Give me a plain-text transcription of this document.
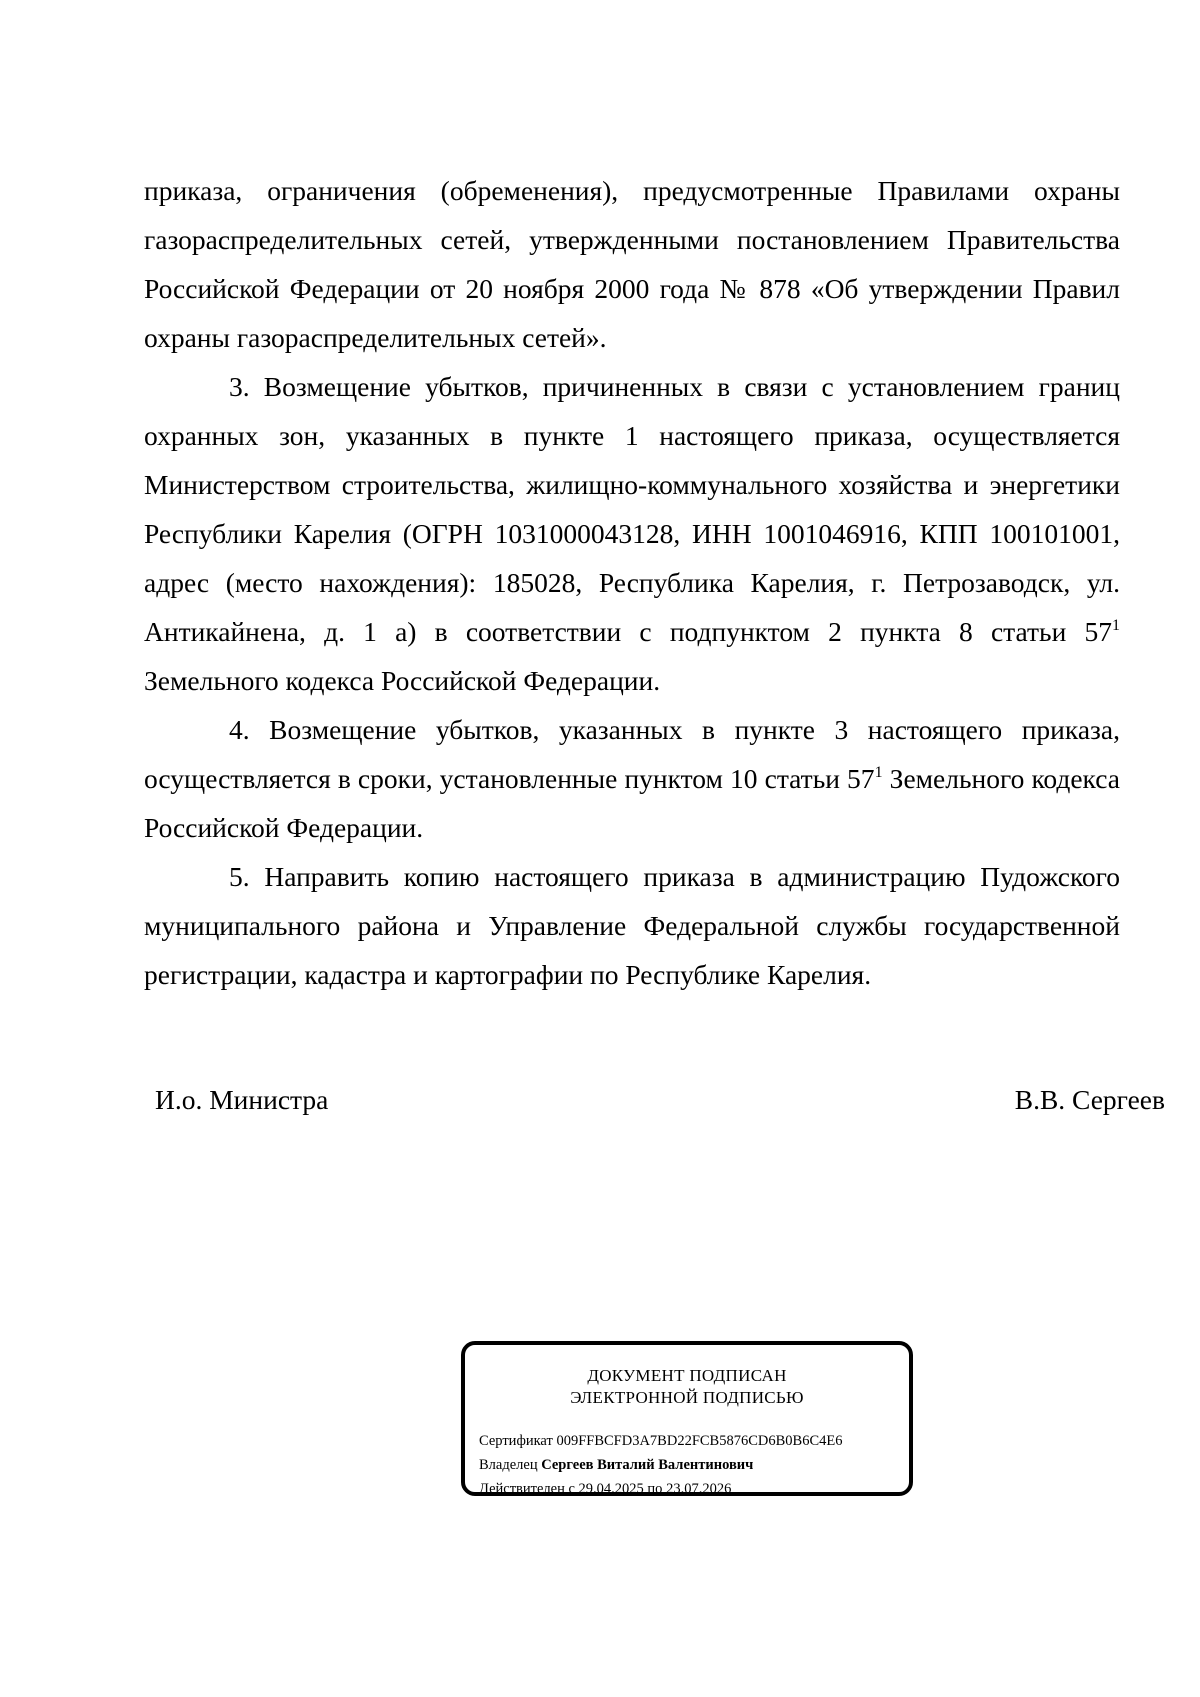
приказа, ограничения (обременения), предусмотренные Правилами охраны газораспределительных сетей, утвержденными постановлением Правительства Российской Федерации от 20 ноября 2000 года № 878 «Об утверждении Правил охраны газораспределительных сетей».

3. Возмещение убытков, причиненных в связи с установлением границ охранных зон, указанных в пункте 1 настоящего приказа, осуществляется Министерством строительства, жилищно-коммунального хозяйства и энергетики Республики Карелия (ОГРН 1031000043128, ИНН 1001046916, КПП 100101001, адрес (место нахождения): 185028, Республика Карелия, г. Петрозаводск, ул. Антикайнена, д. 1 а) в соответствии с подпунктом 2 пункта 8 статьи $57^1$ Земельного кодекса Российской Федерации.

4. Возмещение убытков, указанных в пункте 3 настоящего приказа, осуществляется в сроки, установленные пунктом 10 статьи $57^1$ Земельного кодекса Российской Федерации.

5. Направить копию настоящего приказа в администрацию Пудожского муниципального района и Управление Федеральной службы государственной регистрации, кадастра и картографии по Республике Карелия.

И.о. Министра	В.В. Сергеев
ДОКУМЕНТ ПОДПИСАН
ЭЛЕКТРОННОЙ ПОДПИСЬЮ
Сертификат 009FFBCFD3A7BD22FCB5876CD6B0B6C4E6
Владелец Сергеев Виталий Валентинович
Действителен с 29.04.2025 по 23.07.2026
